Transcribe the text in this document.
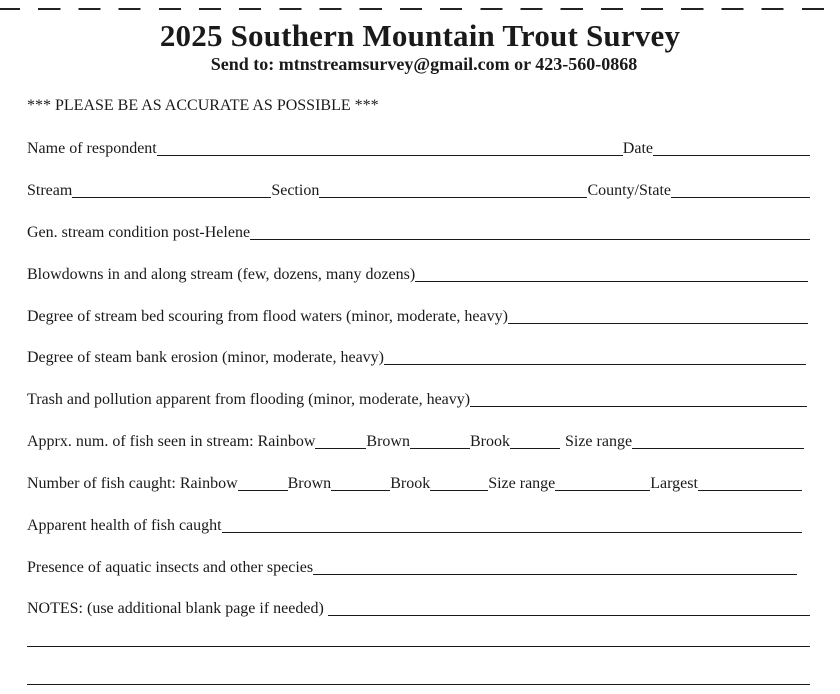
2025 Southern Mountain Trout Survey
Send to: mtnstreamsurvey@gmail.com or 423-560-0868
*** PLEASE BE AS ACCURATE AS POSSIBLE ***
Name of respondent	Date
Stream	Section	County/State
Gen. stream condition post-Helene
Blowdowns in and along stream (few, dozens, many dozens)
Degree of stream bed scouring from flood waters (minor, moderate, heavy)
Degree of steam bank erosion (minor, moderate, heavy)
Trash and pollution apparent from flooding (minor, moderate, heavy)
Apprx. num. of fish seen in stream: Rainbow	Brown	Brook	Size range
Number of fish caught: Rainbow	Brown	Brook	Size range	Largest
Apparent health of fish caught
Presence of aquatic insects and other species
NOTES: (use additional blank page if needed)
